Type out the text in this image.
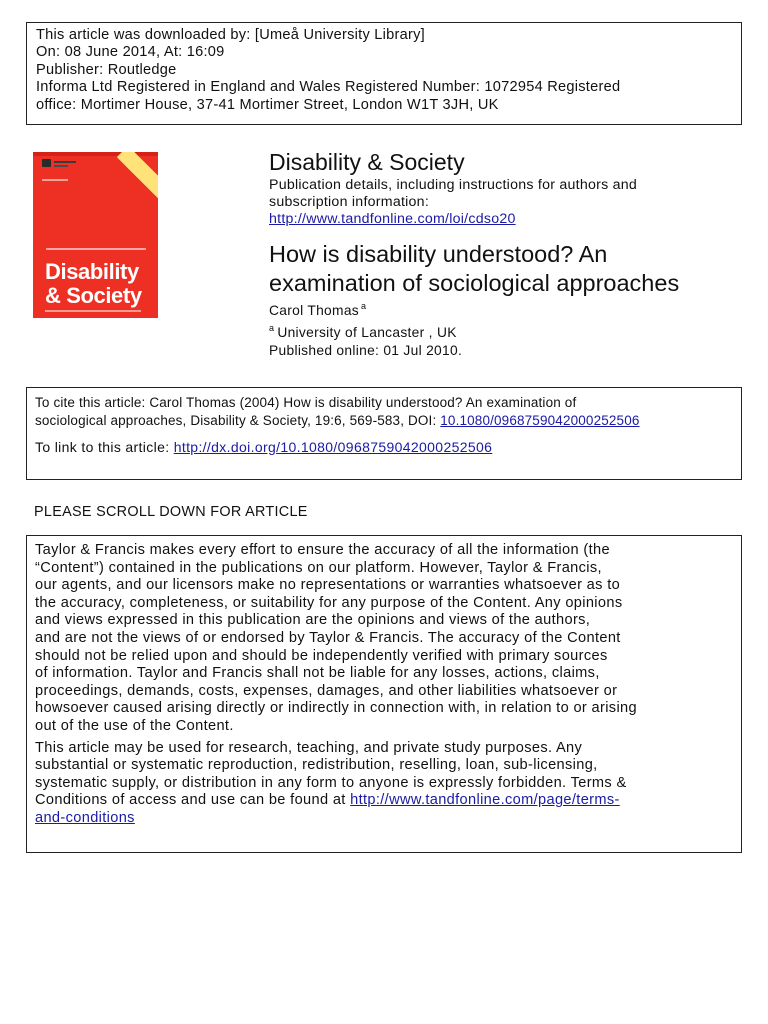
This article was downloaded by: [Umeå University Library]
On: 08 June 2014, At: 16:09
Publisher: Routledge
Informa Ltd Registered in England and Wales Registered Number: 1072954 Registered
office: Mortimer House, 37-41 Mortimer Street, London W1T 3JH, UK
Disability
& Society
Disability & Society
Publication details, including instructions for authors and
subscription information:
http://www.tandfonline.com/loi/cdso20
How is disability understood? An
examination of sociological approaches
Carol Thomas $^a$
$^a$ University of Lancaster , UK
Published online: 01 Jul 2010.
To cite this article: Carol Thomas (2004) How is disability understood? An examination of
sociological approaches, Disability & Society, 19:6, 569-583, DOI: 10.1080/0968759042000252506
To link to this article: http://dx.doi.org/10.1080/0968759042000252506
PLEASE SCROLL DOWN FOR ARTICLE
Taylor & Francis makes every effort to ensure the accuracy of all the information (the
“Content”) contained in the publications on our platform. However, Taylor & Francis,
our agents, and our licensors make no representations or warranties whatsoever as to
the accuracy, completeness, or suitability for any purpose of the Content. Any opinions
and views expressed in this publication are the opinions and views of the authors,
and are not the views of or endorsed by Taylor & Francis. The accuracy of the Content
should not be relied upon and should be independently verified with primary sources
of information. Taylor and Francis shall not be liable for any losses, actions, claims,
proceedings, demands, costs, expenses, damages, and other liabilities whatsoever or
howsoever caused arising directly or indirectly in connection with, in relation to or arising
out of the use of the Content.
This article may be used for research, teaching, and private study purposes. Any
substantial or systematic reproduction, redistribution, reselling, loan, sub-licensing,
systematic supply, or distribution in any form to anyone is expressly forbidden. Terms &
Conditions of access and use can be found at http://www.tandfonline.com/page/terms-
and-conditions
